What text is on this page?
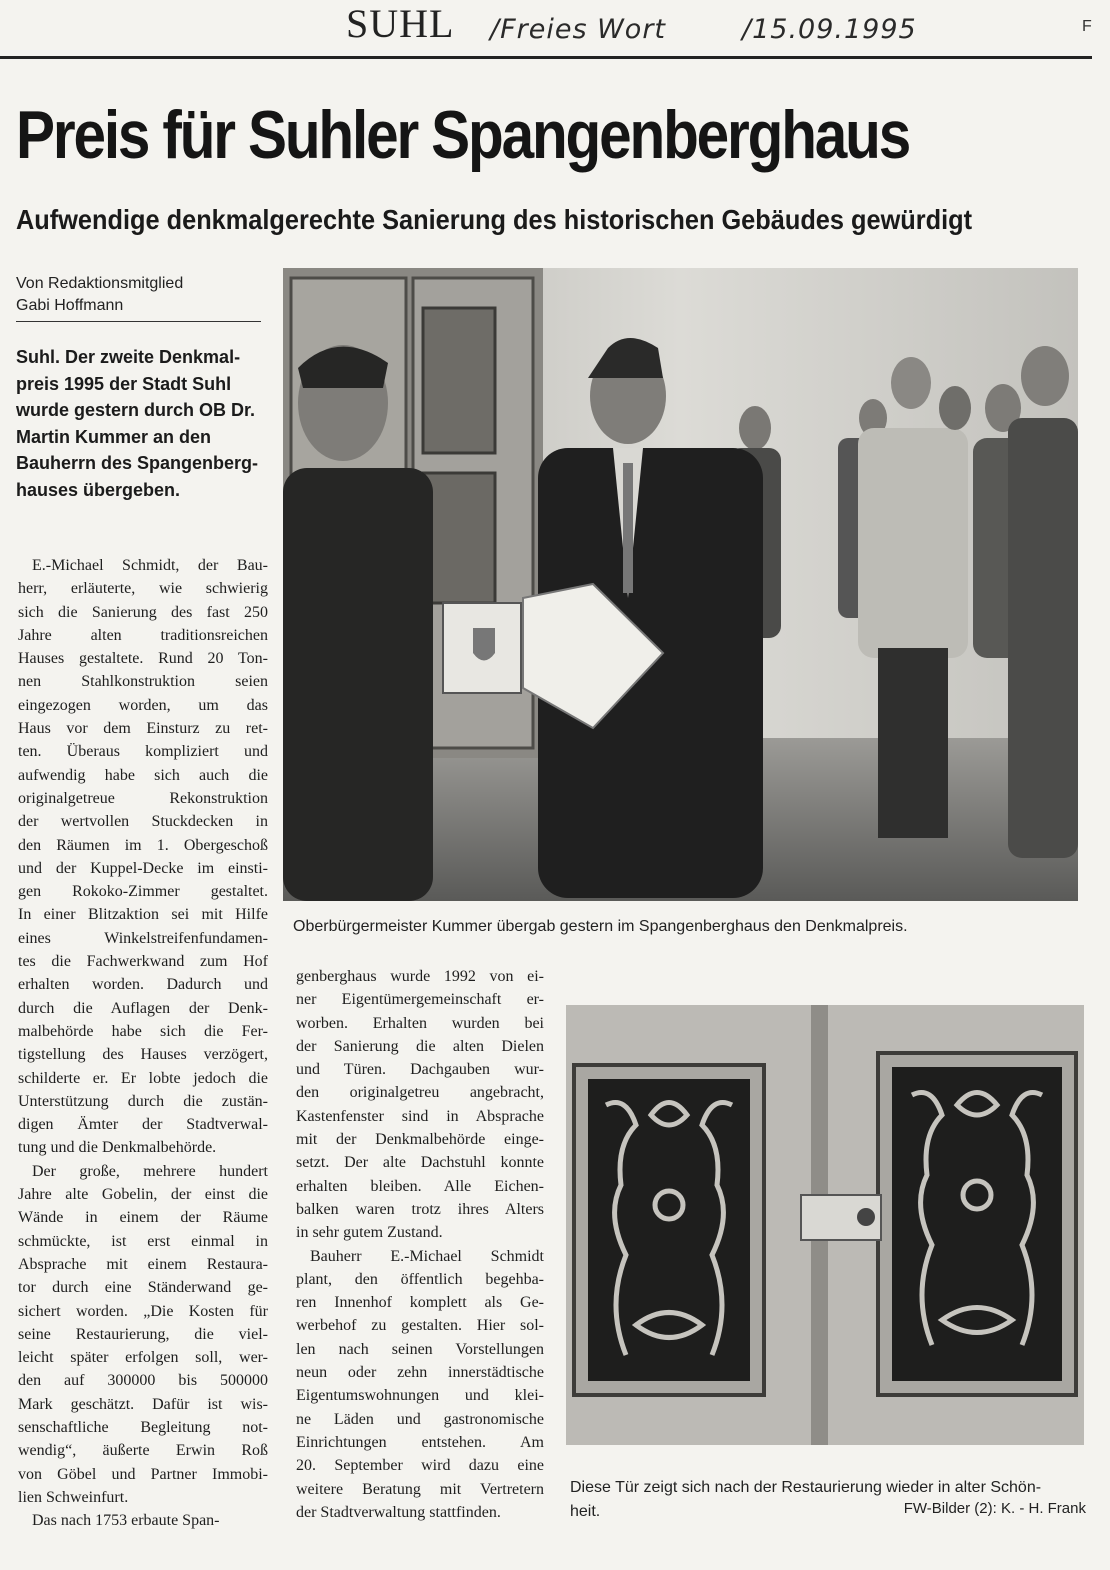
SUHL /Freies Wort	/15.09.1995	F
Preis für Suhler Spangenberghaus
Aufwendige denkmalgerechte Sanierung des historischen Gebäudes gewürdigt
Von Redaktionsmitglied
Gabi Hoffmann
Suhl. Der zweite Denkmal-
preis 1995 der Stadt Suhl
wurde gestern durch OB Dr.
Martin Kummer an den
Bauherrn des Spangenberg-
hauses übergeben.
E.-Michael Schmidt, der Bau-
herr, erläuterte, wie schwierig
sich die Sanierung des fast 250
Jahre alten traditionsreichen
Hauses gestaltete. Rund 20 Ton-
nen Stahlkonstruktion seien
eingezogen worden, um das
Haus vor dem Einsturz zu ret-
ten. Überaus kompliziert und
aufwendig habe sich auch die
originalgetreue Rekonstruktion
der wertvollen Stuckdecken in
den Räumen im 1. Obergeschoß
und der Kuppel-Decke im einsti-
gen Rokoko-Zimmer gestaltet.
In einer Blitzaktion sei mit Hilfe
eines Winkelstreifenfundamen-
tes die Fachwerkwand zum Hof
erhalten worden. Dadurch und
durch die Auflagen der Denk-
malbehörde habe sich die Fer-
tigstellung des Hauses verzögert,
schilderte er. Er lobte jedoch die
Unterstützung durch die zustän-
digen Ämter der Stadtverwal-
tung und die Denkmalbehörde.
Der große, mehrere hundert
Jahre alte Gobelin, der einst die
Wände in einem der Räume
schmückte, ist erst einmal in
Absprache mit einem Restaura-
tor durch eine Ständerwand ge-
sichert worden. „Die Kosten für
seine Restaurierung, die viel-
leicht später erfolgen soll, wer-
den auf 300000 bis 500000
Mark geschätzt. Dafür ist wis-
senschaftliche Begleitung not-
wendig“, äußerte Erwin Roß
von Göbel und Partner Immobi-
lien Schweinfurt.
Das nach 1753 erbaute Span-
genberghaus wurde 1992 von ei-
ner Eigentümergemeinschaft er-
worben. Erhalten wurden bei
der Sanierung die alten Dielen
und Türen. Dachgauben wur-
den originalgetreu angebracht,
Kastenfenster sind in Absprache
mit der Denkmalbehörde einge-
setzt. Der alte Dachstuhl konnte
erhalten bleiben. Alle Eichen-
balken waren trotz ihres Alters
in sehr gutem Zustand.
Bauherr E.-Michael Schmidt
plant, den öffentlich begehba-
ren Innenhof komplett als Ge-
werbehof zu gestalten. Hier sol-
len nach seinen Vorstellungen
neun oder zehn innerstädtische
Eigentumswohnungen und klei-
ne Läden und gastronomische
Einrichtungen entstehen. Am
20. September wird dazu eine
weitere Beratung mit Vertretern
der Stadtverwaltung stattfinden.
Oberbürgermeister Kummer übergab gestern im Spangenberghaus den Denkmalpreis.
Diese Tür zeigt sich nach der Restaurierung wieder in alter Schön-
heit.	FW-Bilder (2): K. - H. Frank
